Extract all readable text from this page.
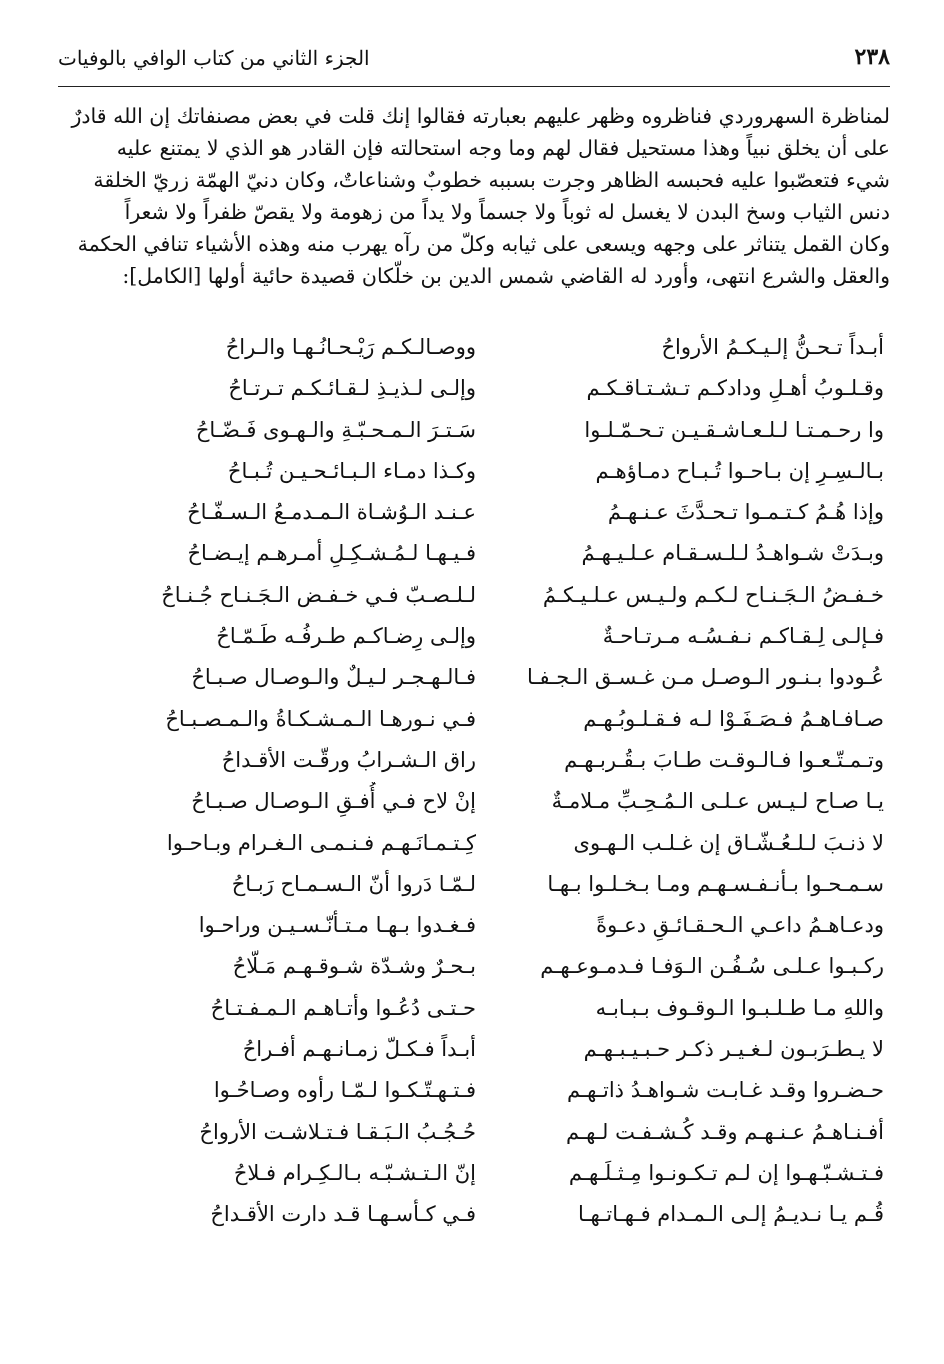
٢٣٨
الجزء الثاني من كتاب الوافي بالوفيات
لمناظرة السهروردي فناظروه وظهر عليهم بعبارته فقالوا إنك قلت في بعض مصنفاتك إن الله قادرٌ
على أن يخلق نبياً وهذا مستحيل فقال لهم وما وجه استحالته فإن القادر هو الذي لا يمتنع عليه
شيء فتعصّبوا عليه فحبسه الظاهر وجرت بسببه خطوبٌ وشناعاتٌ، وكان دنيّ الهمّة زريّ الخلقة
دنس الثياب وسخ البدن لا يغسل له ثوباً ولا جسماً ولا يداً من زهومة ولا يقصّ ظفراً ولا شعراً
وكان القمل يتناثر على وجهه ويسعى على ثيابه وكلّ من رآه يهرب منه وهذه الأشياء تنافي الحكمة
والعقل والشرع انتهى، وأورد له القاضي شمس الدين بن خلّكان قصيدة حائية أولها [الكامل]:
أبـداً تـحـنُّ إلـيـكـمُ الأرواحُ
ووصـالـكـم رَيْـحـانُـهـا والـراحُ
وقـلـوبُ أهـلِ ودادكـم تـشـتـاقـكـم
وإلـى لـذيـذِ لـقـائـكـم تـرتـاحُ
وا رحـمـتـا لـلـعـاشـقـيـن تـحـمّـلـوا
سَـتـرَ الـمـحـبّـةِ والـهـوى فَـضّـاحُ
بـالـسِـرِ إن بـاحـوا تُـبـاح دمـاؤهـم
وكـذا دمـاء الـبـائـحـيـن تُـبـاحُ
وإذا هُـمُ كـتـمـوا تـحـدَّثَ عـنـهـمُ
عـنـد الـوُشـاة الـمـدمـعُ الـسـفّـاحُ
وبـدَتْ شـواهـدُ لـلـسـقـام عـلـيـهـمُ
فـيـهـا لـمُـشـكِـلِ أمـرهـم إيـضـاحُ
خـفـضُ الـجَـنـاح لـكـم ولـيـس عـلـيـكـمُ
لـلـصـبّ فـي خـفـض الـجَـنـاح جُـنـاحُ
فـإلـى لِـقـاكـم نـفـسُـه مـرتـاحـةٌ
وإلـى رِضـاكـم طـرفُـه طَـمّـاحُ
عُـودوا بـنـور الـوصـل مـن غـسـق الـجـفـا
فـالـهـجـر لـيـلٌ والـوصـال صـبـاحُ
صـافـاهـمُ فـصَـفَـوْا لـه فـقـلـوبُـهـم
فـي نـورهـا الـمـشـكـاةُ والـمـصـبـاحُ
وتـمـتّـعـوا فـالـوقـت طـابَ بـقُـربـهـم
راق الـشـرابُ ورقّـت الأقـداحُ
يـا صـاح لـيـس عـلـى الـمُـحِـبِّ مـلامـةٌ
إنْ لاح فـي أُفـقِ الـوصـال صـبـاحُ
لا ذنـبَ لـلـعُـشّـاق إن غـلـب الـهـوى
كِـتـمـانَـهـم فـنـمـى الـغـرام وبـاحـوا
سـمـحـوا بـأنـفـسـهـم ومـا بـخـلـوا بـهـا
لـمّـا دَروا أنّ الـسـمـاح رَبـاحُ
ودعـاهـمُ داعـي الـحـقـائـقِ دعـوةً
فـغـدوا بـهـا مـتـأنّـسـيـن وراحـوا
ركـبـوا عـلـى سُـفُـن الـوَفـا فـدمـوعـهـم
بـحـرٌ وشـدّة شـوقـهـم مَـلّاحُ
واللهِ مـا طـلـبـوا الـوقـوف بـبـابـه
حـتـى دُعُـوا وأتـاهـم الـمـفـتـاحُ
لا يـطـرَبـون لـغـيـر ذكـر حـبـيـبـهـم
أبـداً فـكـلّ زمـانـهـم أفـراحُ
حـضـروا وقـد غـابـت شـواهـدُ ذاتـهـم
فـتـهـتّـكـوا لـمّـا رأوه وصـاحُـوا
أفـنـاهـمُ عـنـهـم وقـد كُـشـفـت لـهـم
حُـجُـبُ الـبَـقـا فـتـلاشـت الأرواحُ
فـتـشـبّـهـوا إن لـم تـكـونـوا مِـثـلَـهـم
إنّ الـتـشـبّـه بـالـكِـرام فـلاحُ
قُـم يـا نـديـمُ إلـى الـمـدام فـهـاتـهـا
فـي كـأسـهـا قـد دارت الأقـداحُ
